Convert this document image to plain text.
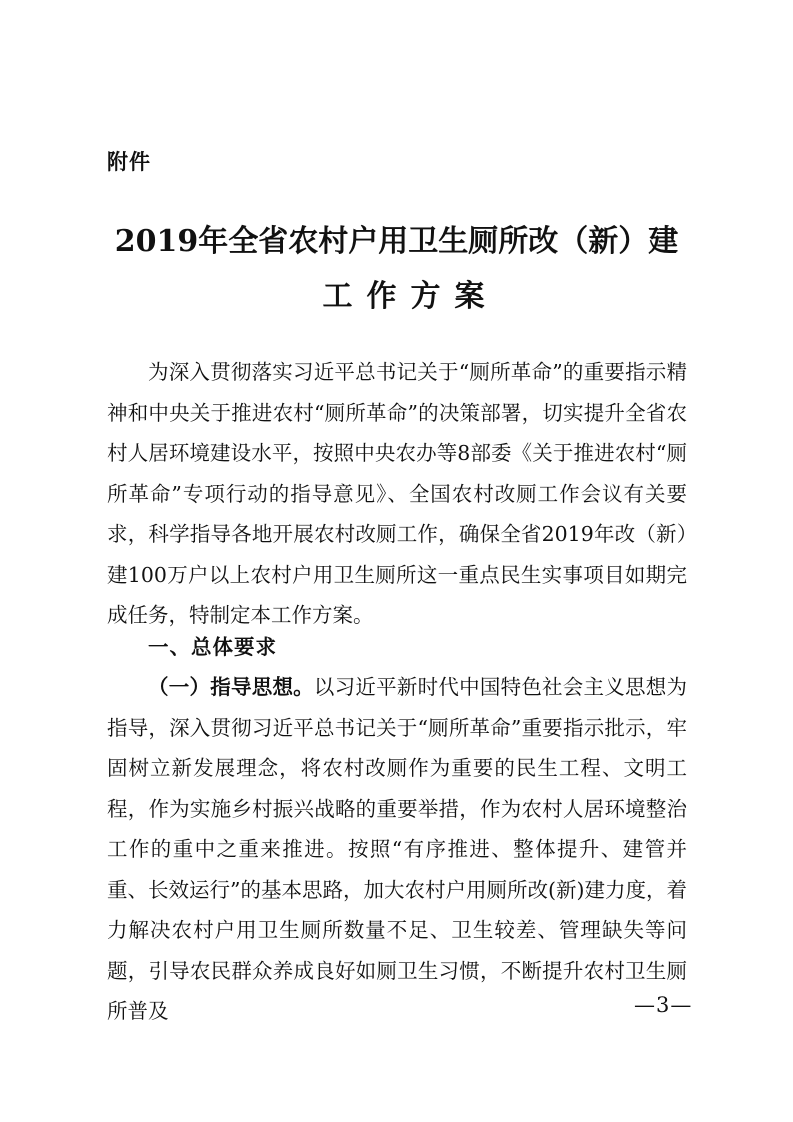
附件
2019年全省农村户用卫生厕所改（新）建
工作方案

为深入贯彻落实习近平总书记关于“厕所革命”的重要指示精神和中央关于推进农村“厕所革命”的决策部署，切实提升全省农村人居环境建设水平，按照中央农办等8部委《关于推进农村“厕所革命”专项行动的指导意见》、全国农村改厕工作会议有关要求，科学指导各地开展农村改厕工作，确保全省2019年改（新）建100万户以上农村户用卫生厕所这一重点民生实事项目如期完成任务，特制定本工作方案。

一、总体要求

（一）指导思想。以习近平新时代中国特色社会主义思想为指导，深入贯彻习近平总书记关于“厕所革命”重要指示批示，牢固树立新发展理念，将农村改厕作为重要的民生工程、文明工程，作为实施乡村振兴战略的重要举措，作为农村人居环境整治工作的重中之重来推进。按照“有序推进、整体提升、建管并重、长效运行”的基本思路，加大农村户用厕所改(新)建力度，着力解决农村户用卫生厕所数量不足、卫生较差、管理缺失等问题，引导农民群众养成良好如厕卫生习惯，不断提升农村卫生厕所普及	—3—
